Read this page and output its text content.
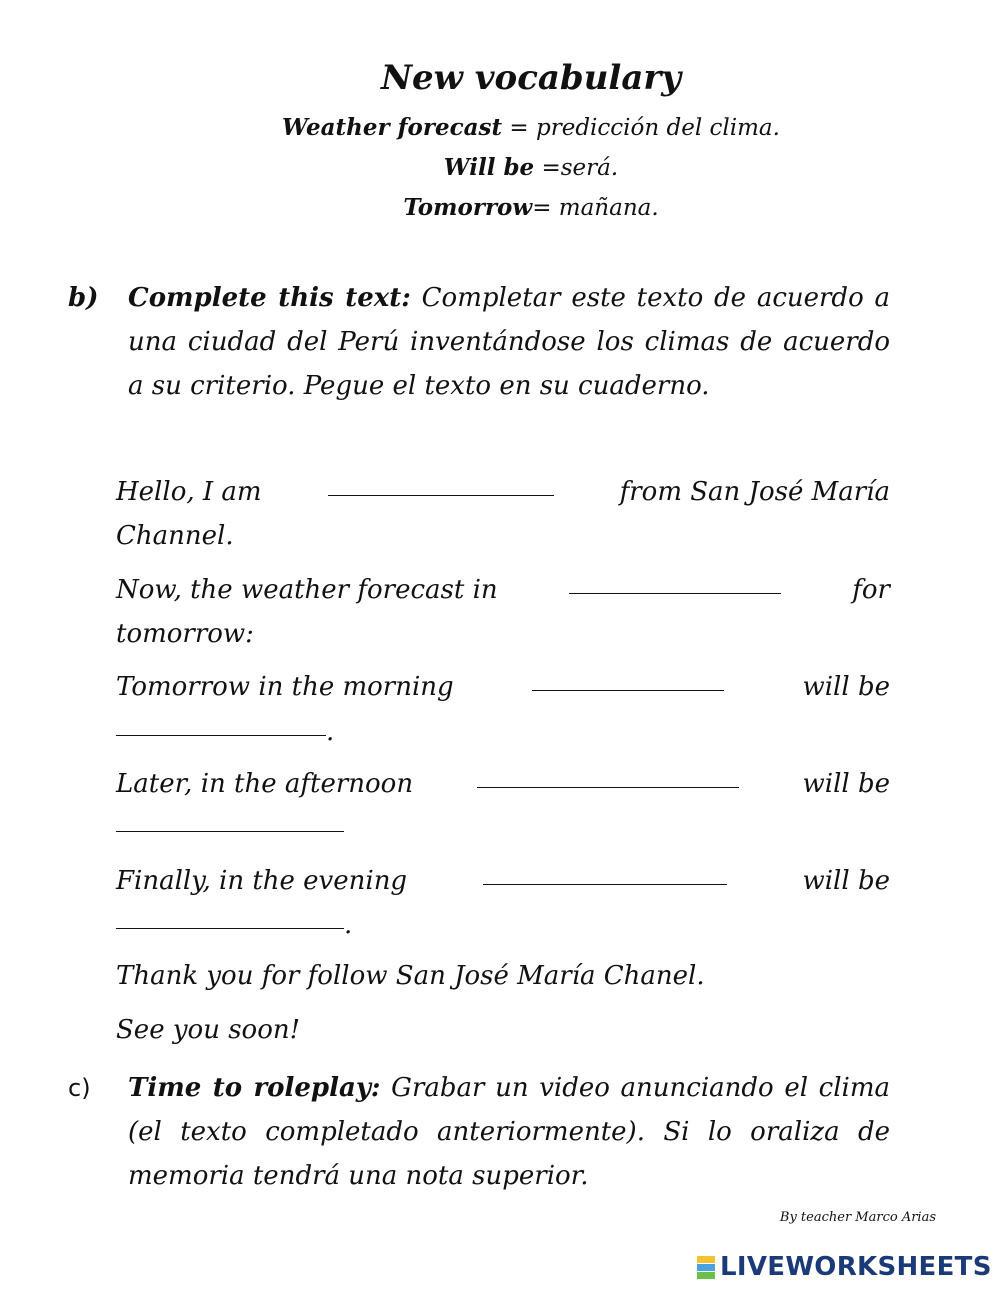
New vocabulary
Weather forecast = predicción del clima.
Will be =será.
Tomorrow= mañana.
b) Complete this text: Completar este texto de acuerdo a una ciudad del Perú inventándose los climas de acuerdo a su criterio. Pegue el texto en su cuaderno.
Hello, I am	from San José María
Channel.
Now, the weather forecast in	for
tomorrow:
Tomorrow in the morning	will be
.
Later, in the afternoon	will be
Finally, in the evening	will be
.
Thank you for follow San José María Chanel.
See you soon!
c) Time to roleplay: Grabar un video anunciando el clima (el texto completado anteriormente). Si lo oraliza de memoria tendrá una nota superior.
By teacher Marco Arias
LIVEWORKSHEETS
